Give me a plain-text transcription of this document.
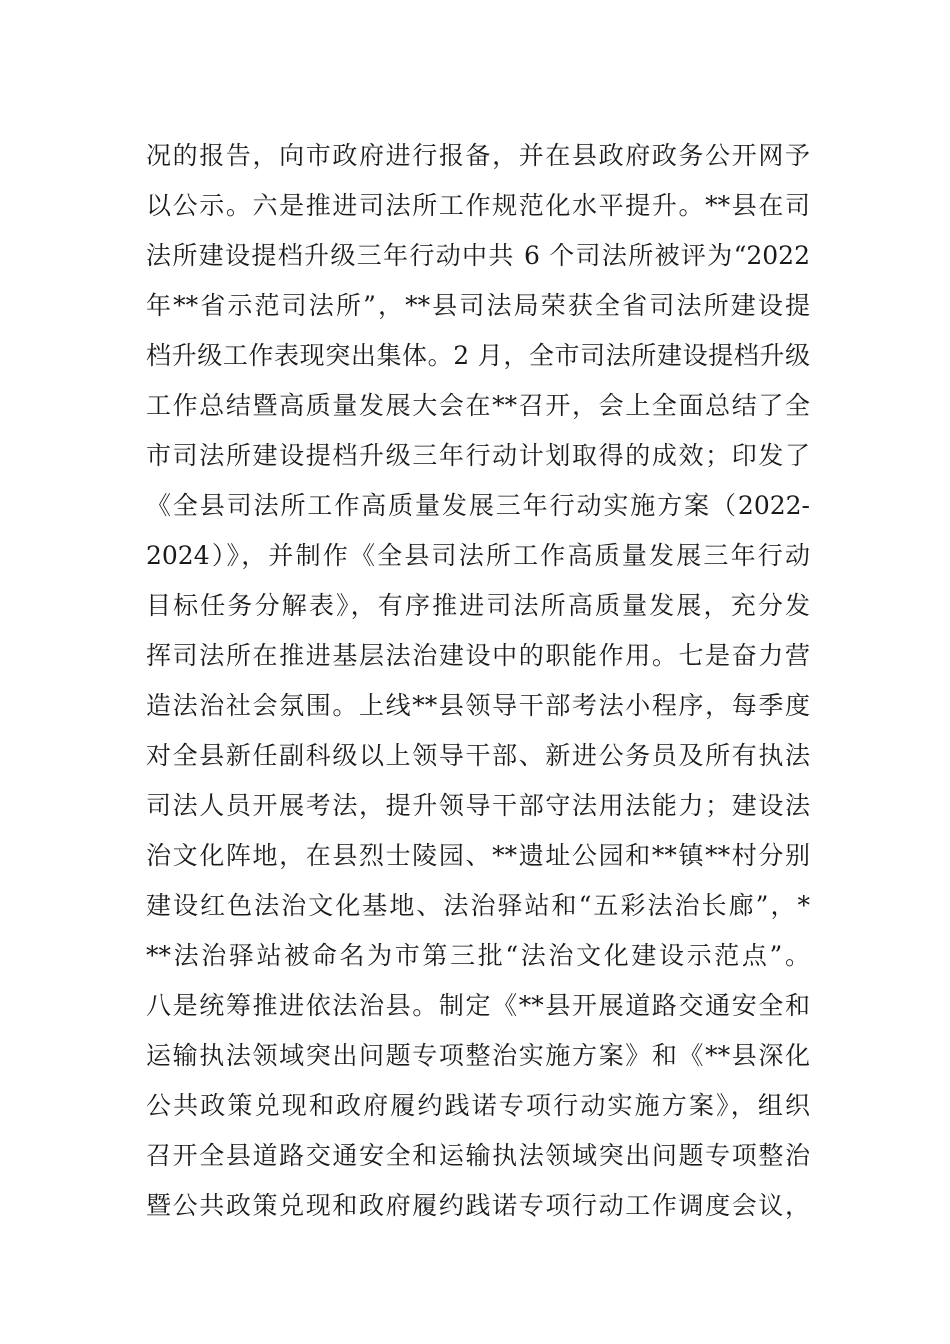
况的报告，向市政府进行报备，并在县政府政务公开网予
以公示。六是推进司法所工作规范化水平提升。**县在司
法所建设提档升级三年行动中共 6 个司法所被评为“2022
年**省示范司法所”，**县司法局荣获全省司法所建设提
档升级工作表现突出集体。2 月，全市司法所建设提档升级
工作总结暨高质量发展大会在**召开，会上全面总结了全
市司法所建设提档升级三年行动计划取得的成效；印发了
《全县司法所工作高质量发展三年行动实施方案（2022-
2024）》，并制作《全县司法所工作高质量发展三年行动
目标任务分解表》，有序推进司法所高质量发展，充分发
挥司法所在推进基层法治建设中的职能作用。七是奋力营
造法治社会氛围。上线**县领导干部考法小程序，每季度
对全县新任副科级以上领导干部、新进公务员及所有执法
司法人员开展考法，提升领导干部守法用法能力；建设法
治文化阵地，在县烈士陵园、**遗址公园和**镇**村分别
建设红色法治文化基地、法治驿站和“五彩法治长廊”，*
**法治驿站被命名为市第三批“法治文化建设示范点”。
八是统筹推进依法治县。制定《**县开展道路交通安全和
运输执法领域突出问题专项整治实施方案》和《**县深化
公共政策兑现和政府履约践诺专项行动实施方案》，组织
召开全县道路交通安全和运输执法领域突出问题专项整治
暨公共政策兑现和政府履约践诺专项行动工作调度会议，
